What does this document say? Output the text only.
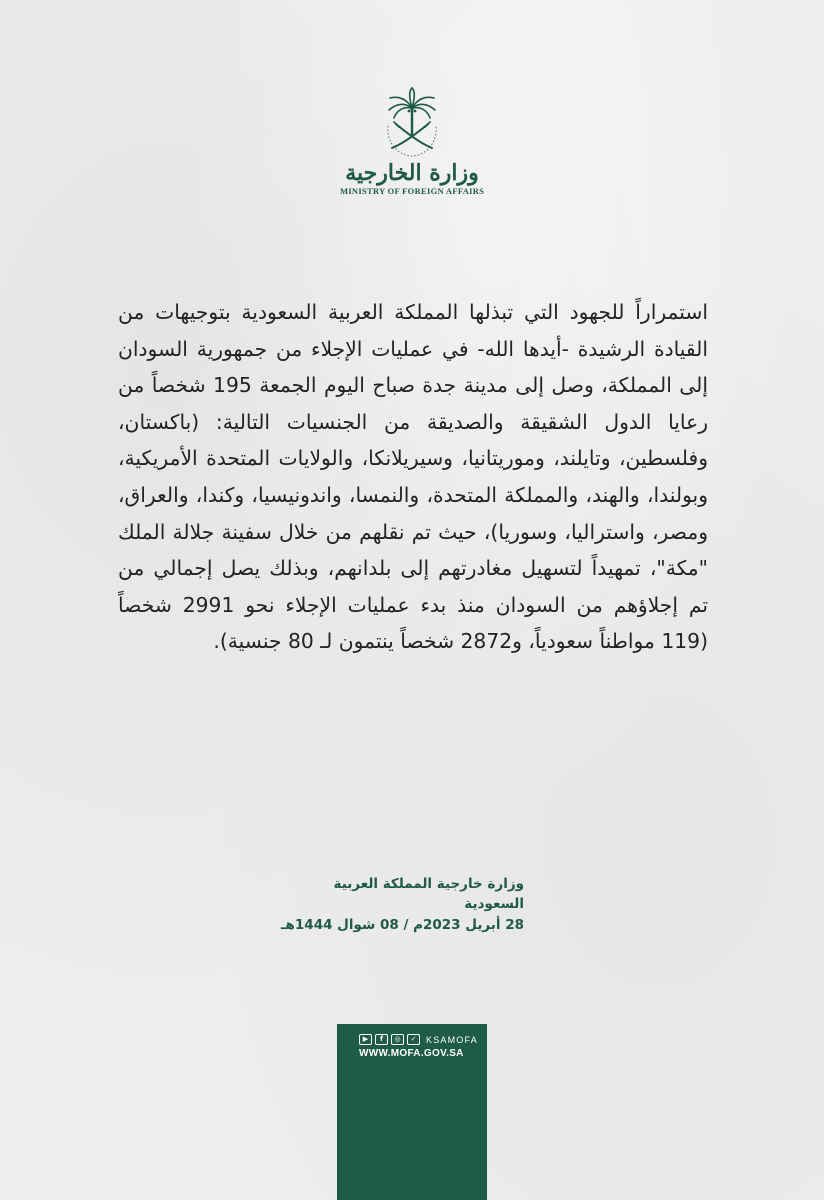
وزارة الخارجية
MINISTRY OF FOREIGN AFFAIRS
استمراراً للجهود التي تبذلها المملكة العربية السعودية بتوجيهات من القيادة الرشيدة -أيدها الله- في عمليات الإجلاء من جمهورية السودان إلى المملكة، وصل إلى مدينة جدة صباح اليوم الجمعة 195 شخصاً من رعايا الدول الشقيقة والصديقة من الجنسيات التالية: (باكستان، وفلسطين، وتايلند، وموريتانيا، وسيريلانكا، والولايات المتحدة الأمريكية، وبولندا، والهند، والمملكة المتحدة، والنمسا، واندونيسيا، وكندا، والعراق، ومصر، واستراليا، وسوريا)، حيث تم نقلهم من خلال سفينة جلالة الملك "مكة"، تمهيداً لتسهيل مغادرتهم إلى بلدانهم، وبذلك يصل إجمالي من تم إجلاؤهم من السودان منذ بدء عمليات الإجلاء نحو 2991 شخصاً (119 مواطناً سعودياً، و2872 شخصاً ينتمون لـ 80 جنسية).
وزارة خارجية المملكة العربية السعودية
28 أبريل 2023م / 08 شوال 1444هـ
▶	f	◎	✓	KSAMOFA
WWW.MOFA.GOV.SA
